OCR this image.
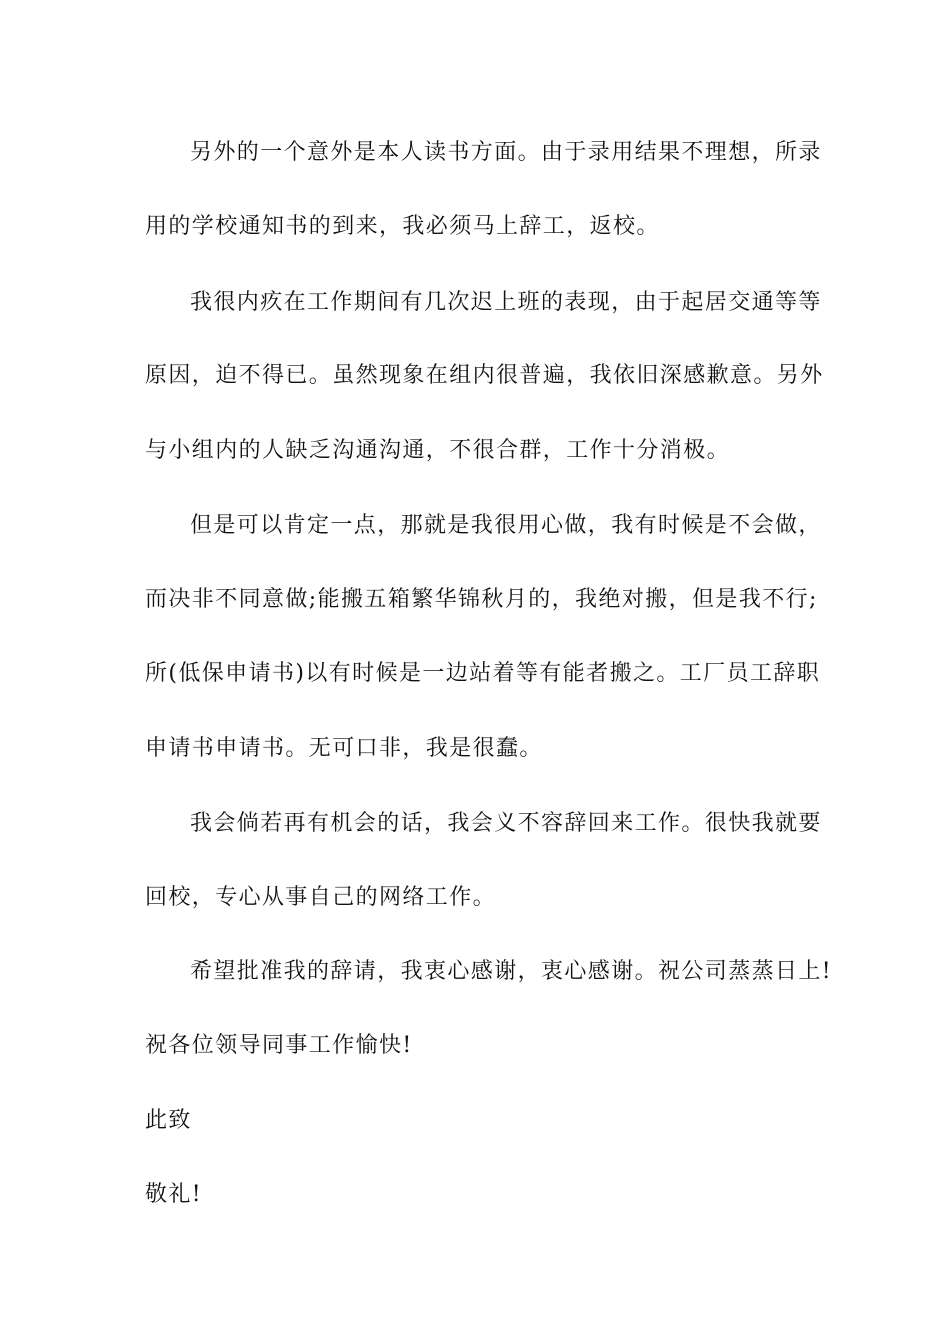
另外的一个意外是本人读书方面。由于录用结果不理想，所录
用的学校通知书的到来，我必须马上辞工，返校。
我很内疚在工作期间有几次迟上班的表现，由于起居交通等等
原因，迫不得已。虽然现象在组内很普遍，我依旧深感歉意。另外
与小组内的人缺乏沟通沟通，不很合群，工作十分消极。
但是可以肯定一点，那就是我很用心做，我有时候是不会做，
而决非不同意做;能搬五箱繁华锦秋月的，我绝对搬，但是我不行;
所(低保申请书)以有时候是一边站着等有能者搬之。工厂员工辞职
申请书申请书。无可口非，我是很蠢。
我会倘若再有机会的话，我会义不容辞回来工作。很快我就要
回校，专心从事自己的网络工作。
希望批准我的辞请，我衷心感谢，衷心感谢。祝公司蒸蒸日上!
祝各位领导同事工作愉快!
此致
敬礼!
